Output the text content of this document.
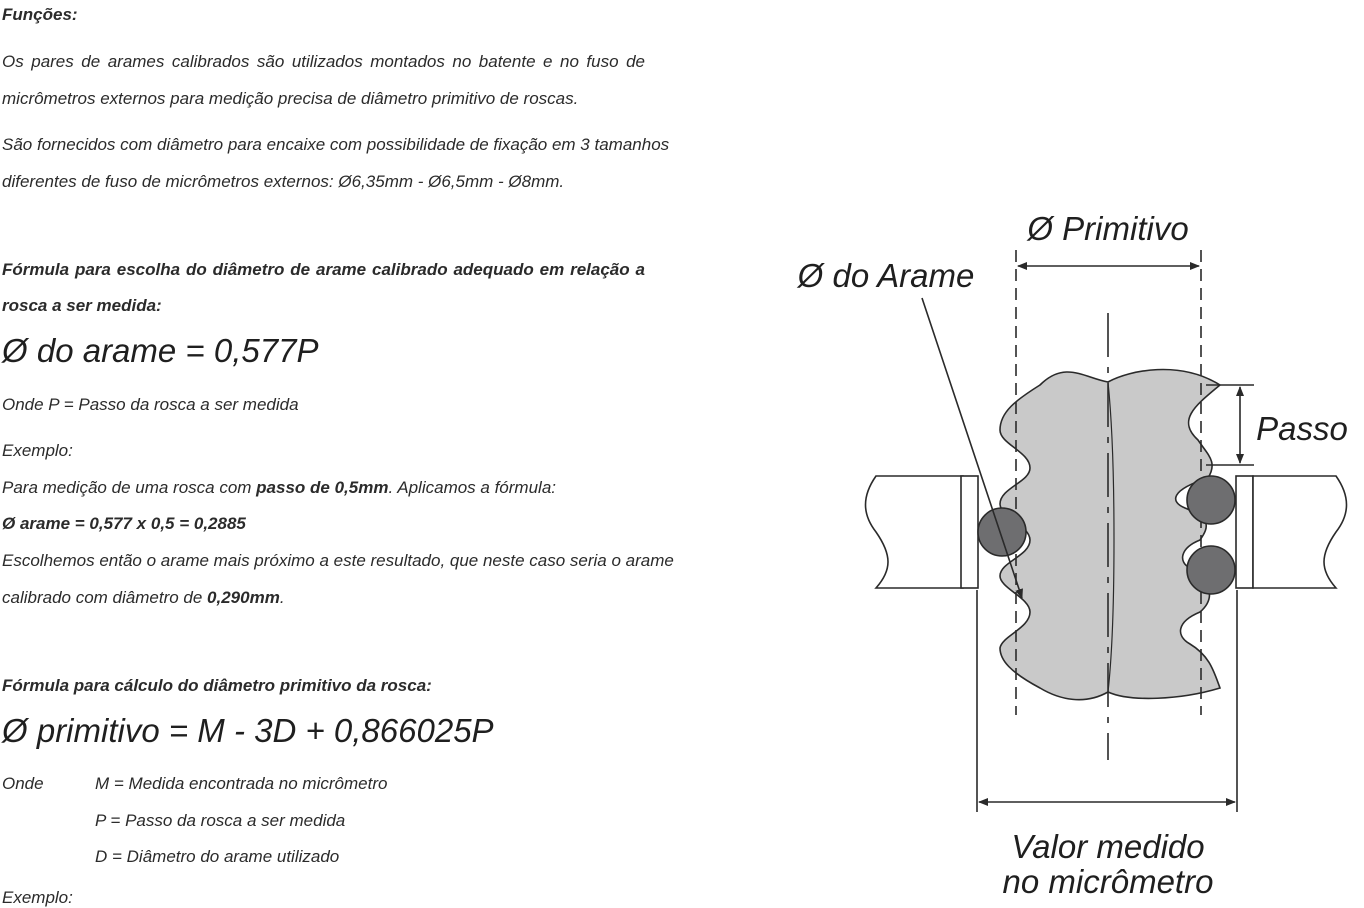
Funções:
Os pares de arames calibrados são utilizados montados no batente e no fuso de
micrômetros externos para medição precisa de diâmetro primitivo de roscas.
São fornecidos com diâmetro para encaixe com possibilidade de fixação em 3 tamanhos
diferentes de fuso de micrômetros externos: Ø6,35mm - Ø6,5mm - Ø8mm.
Fórmula para escolha do diâmetro de arame calibrado adequado em relação a
rosca a ser medida:
Ø do arame = 0,577P
Onde P = Passo da rosca a ser medida
Exemplo:
Para medição de uma rosca com passo de 0,5mm. Aplicamos a fórmula:
Ø arame = 0,577 x 0,5 = 0,2885
Escolhemos então o arame mais próximo a este resultado, que neste caso seria o arame
calibrado com diâmetro de 0,290mm.
Fórmula para cálculo do diâmetro primitivo da rosca:
Ø primitivo = M - 3D + 0,866025P
Onde	M = Medida encontrada no micrômetro
P = Passo da rosca a ser medida
D = Diâmetro do arame utilizado
Exemplo:
Ø Primitivo
Ø do Arame
Passo
Valor medido
no micrômetro
